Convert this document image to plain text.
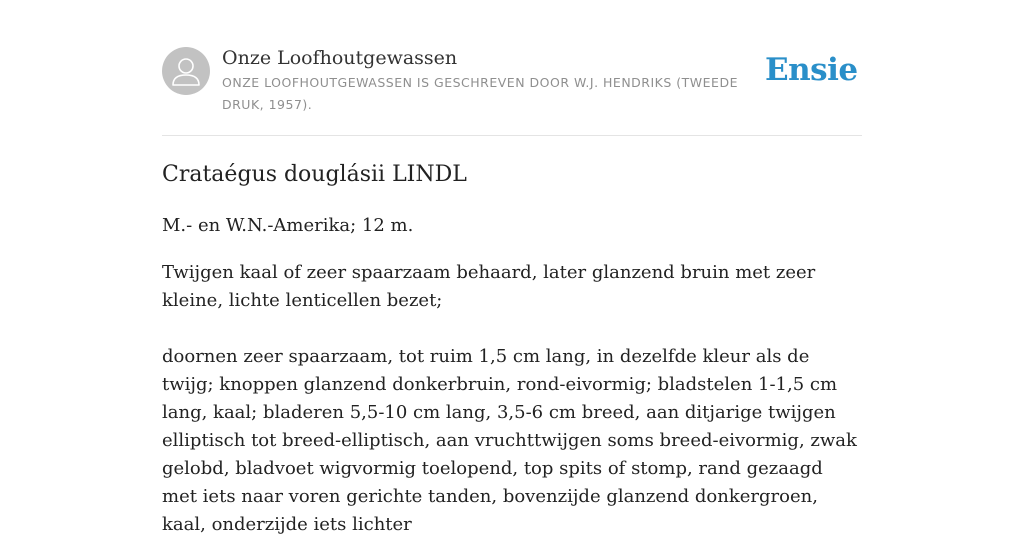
Onze Loofhoutgewassen
ONZE LOOFHOUTGEWASSEN IS GESCHREVEN DOOR W.J. HENDRIKS (TWEEDE DRUK, 1957).
Ensie
Crataégus douglásii LINDL

M.- en W.N.-Amerika; 12 m.

Twijgen kaal of zeer spaarzaam behaard, later glanzend bruin met zeer kleine, lichte lenticellen bezet;

doornen zeer spaarzaam, tot ruim 1,5 cm lang, in dezelfde kleur als de twijg; knoppen glanzend donkerbruin, rond-eivormig; bladstelen 1-1,5 cm lang, kaal; bladeren 5,5-10 cm lang, 3,5-6 cm breed, aan ditjarige twijgen elliptisch tot breed-elliptisch, aan vruchttwijgen soms breed-eivormig, zwak gelobd, bladvoet wigvormig toelopend, top spits of stomp, rand gezaagd met iets naar voren gerichte tanden, bovenzijde glanzend donkergroen, kaal, onderzijde iets lichter
